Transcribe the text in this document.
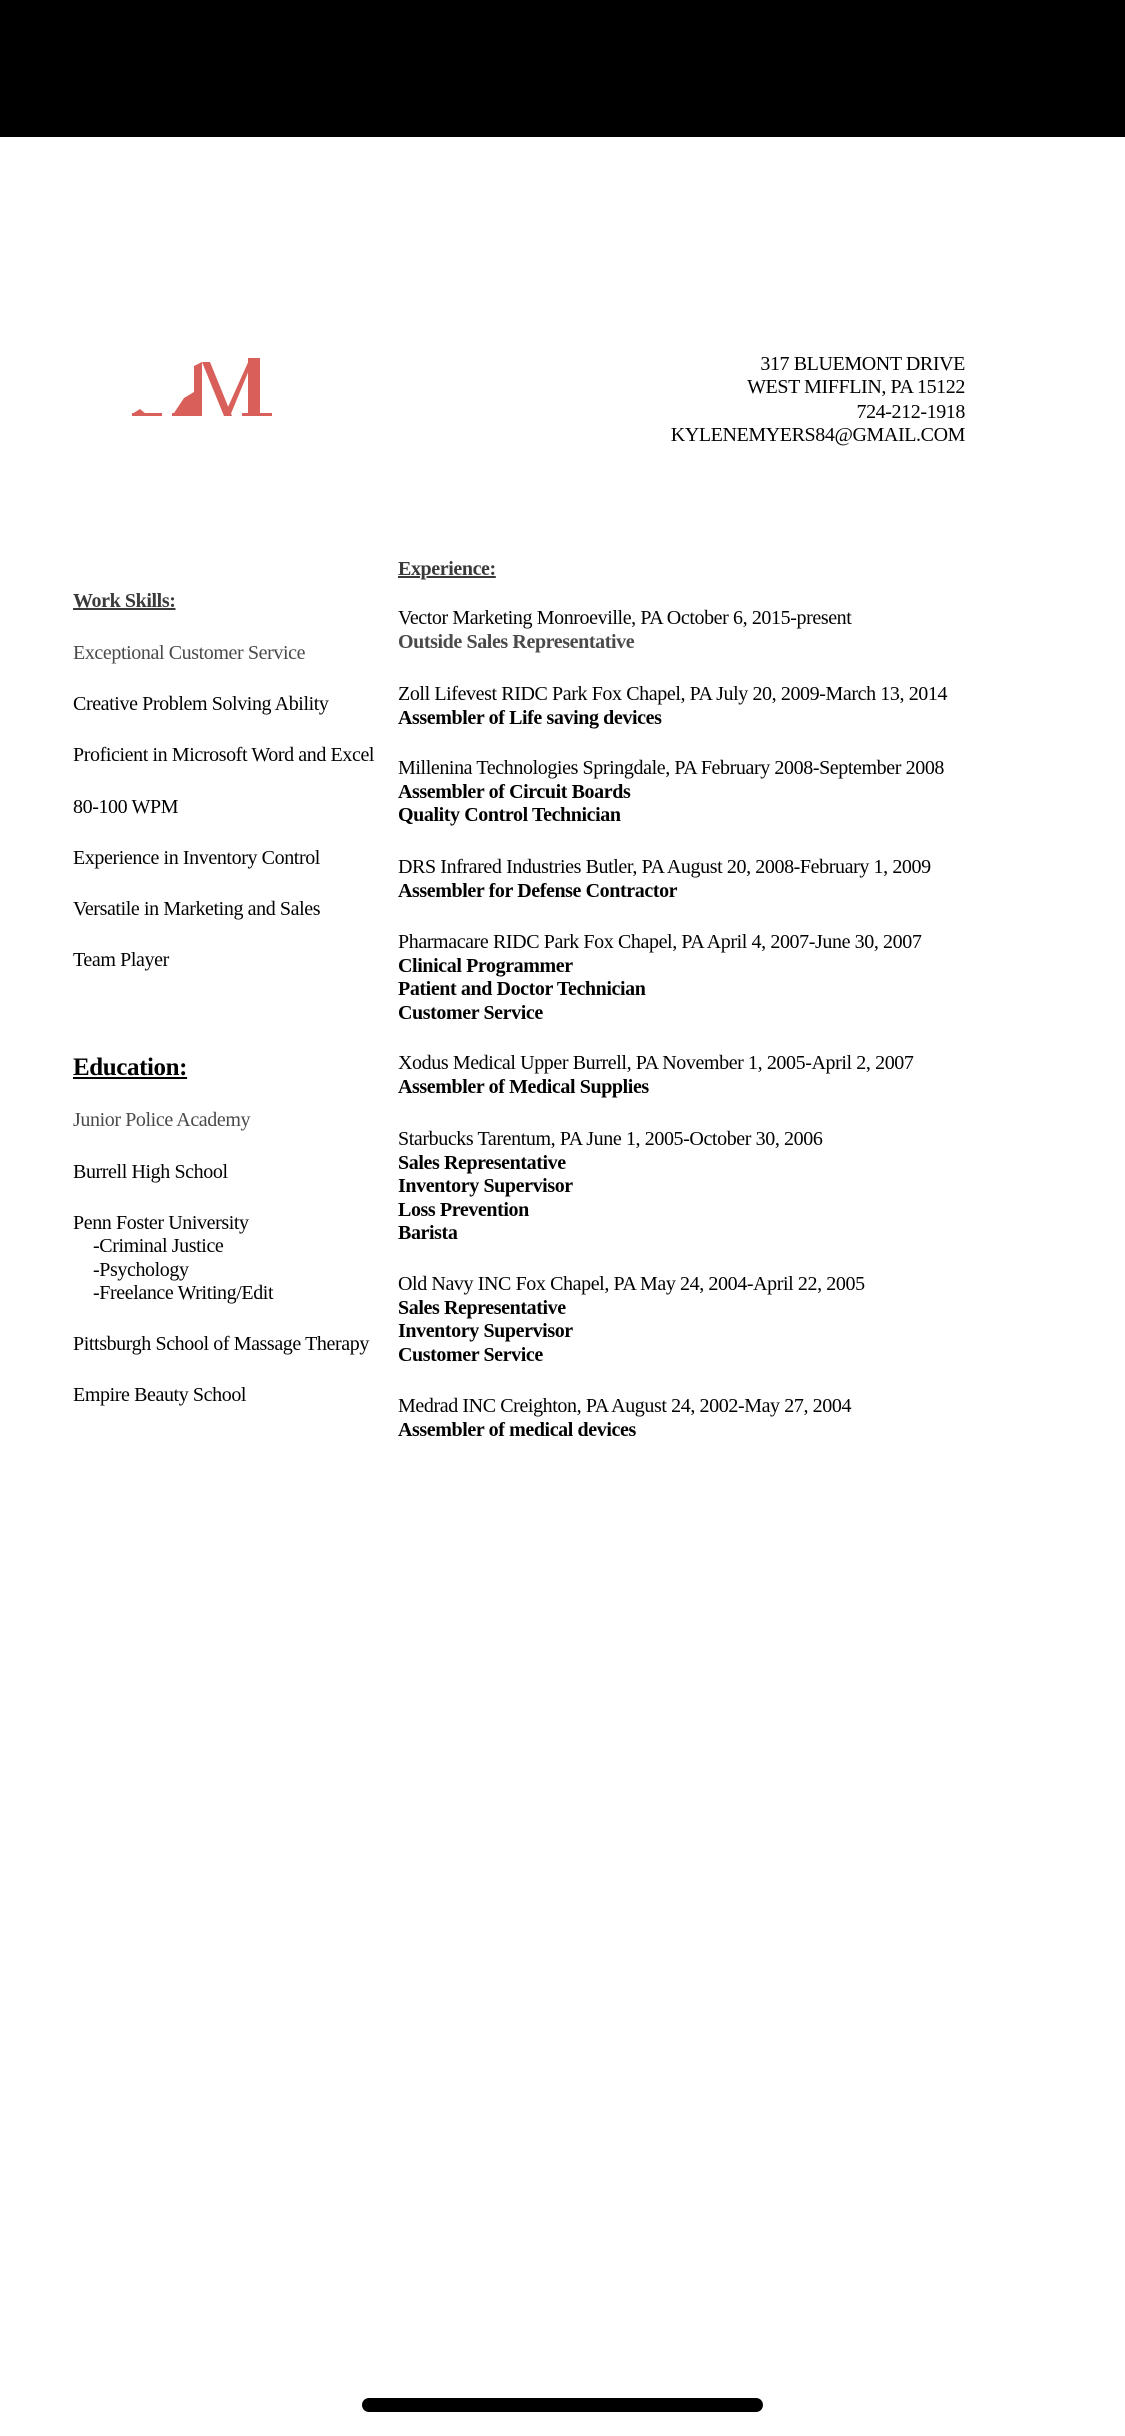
317 BLUEMONT DRIVE
WEST MIFFLIN, PA 15122
724-212-1918
KYLENEMYERS84@GMAIL.COM
Experience:
Work Skills:
Education:
Exceptional Customer Service
Creative Problem Solving Ability
Proficient in Microsoft Word and Excel
80-100 WPM
Experience in Inventory Control
Versatile in Marketing and Sales
Team Player
Junior Police Academy
Burrell High School
Penn Foster University
-Criminal Justice
-Psychology
-Freelance Writing/Edit
Pittsburgh School of Massage Therapy
Empire Beauty School
Vector Marketing Monroeville, PA October 6, 2015-present
Outside Sales Representative
Zoll Lifevest RIDC Park Fox Chapel, PA July 20, 2009-March 13, 2014
Assembler of Life saving devices
Millenina Technologies Springdale, PA February 2008-September 2008
Assembler of Circuit Boards
Quality Control Technician
DRS Infrared Industries Butler, PA August 20, 2008-February 1, 2009
Assembler for Defense Contractor
Pharmacare RIDC Park Fox Chapel, PA April 4, 2007-June 30, 2007
Clinical Programmer
Patient and Doctor Technician
Customer Service
Xodus Medical Upper Burrell, PA November 1, 2005-April 2, 2007
Assembler of Medical Supplies
Starbucks Tarentum, PA June 1, 2005-October 30, 2006
Sales Representative
Inventory Supervisor
Loss Prevention
Barista
Old Navy INC Fox Chapel, PA May 24, 2004-April 22, 2005
Sales Representative
Inventory Supervisor
Customer Service
Medrad INC Creighton, PA August 24, 2002-May 27, 2004
Assembler of medical devices
